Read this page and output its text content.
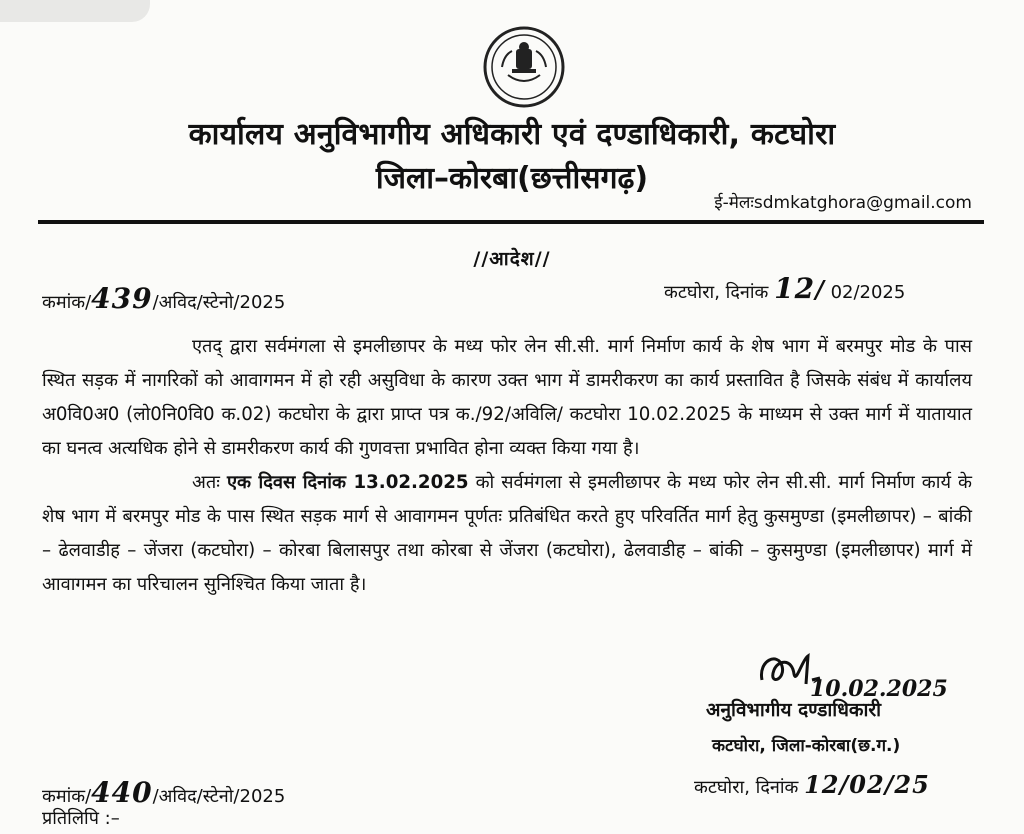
कार्यालय अनुविभागीय अधिकारी एवं दण्डाधिकारी, कटघोरा
जिला–कोरबा(छत्तीसगढ़)
ई-मेलःsdmkatghora@gmail.com
//आदेश//
कमांक/439/अविद/स्टेनो/2025	कटघोरा, दिनांक 12/ 02/2025

एतद् द्वारा सर्वमंगला से इमलीछापर के मध्य फोर लेन सी.सी. मार्ग निर्माण कार्य के शेष भाग में बरमपुर मोड के पास स्थित सड़क में नागरिकों को आवागमन में हो रही असुविधा के कारण उक्त भाग में डामरीकरण का कार्य प्रस्तावित है जिसके संबंध में कार्यालय अ0वि0अ0 (लो0नि0वि0 क.02) कटघोरा के द्वारा प्राप्त पत्र क./92/अविलि/ कटघोरा 10.02.2025 के माध्यम से उक्त मार्ग में यातायात का घनत्व अत्यधिक होने से डामरीकरण कार्य की गुणवत्ता प्रभावित होना व्यक्त किया गया है।

अतः एक दिवस दिनांक 13.02.2025 को सर्वमंगला से इमलीछापर के मध्य फोर लेन सी.सी. मार्ग निर्माण कार्य के शेष भाग में बरमपुर मोड के पास स्थित सड़क मार्ग से आवागमन पूर्णतः प्रतिबंधित करते हुए परिवर्तित मार्ग हेतु कुसमुण्डा (इमलीछापर) – बांकी – ढेलवाडीह – जेंजरा (कटघोरा) – कोरबा बिलासपुर तथा कोरबा से जेंजरा (कटघोरा), ढेलवाडीह – बांकी – कुसमुण्डा (इमलीछापर) मार्ग में आवागमन का परिचालन सुनिश्चित किया जाता है।

10.02.2025
अनुविभागीय दण्डाधिकारी
कटघोरा, जिला-कोरबा(छ.ग.)
कमांक/440/अविद/स्टेनो/2025	कटघोरा, दिनांक 12/02/25
प्रतिलिपि :–
